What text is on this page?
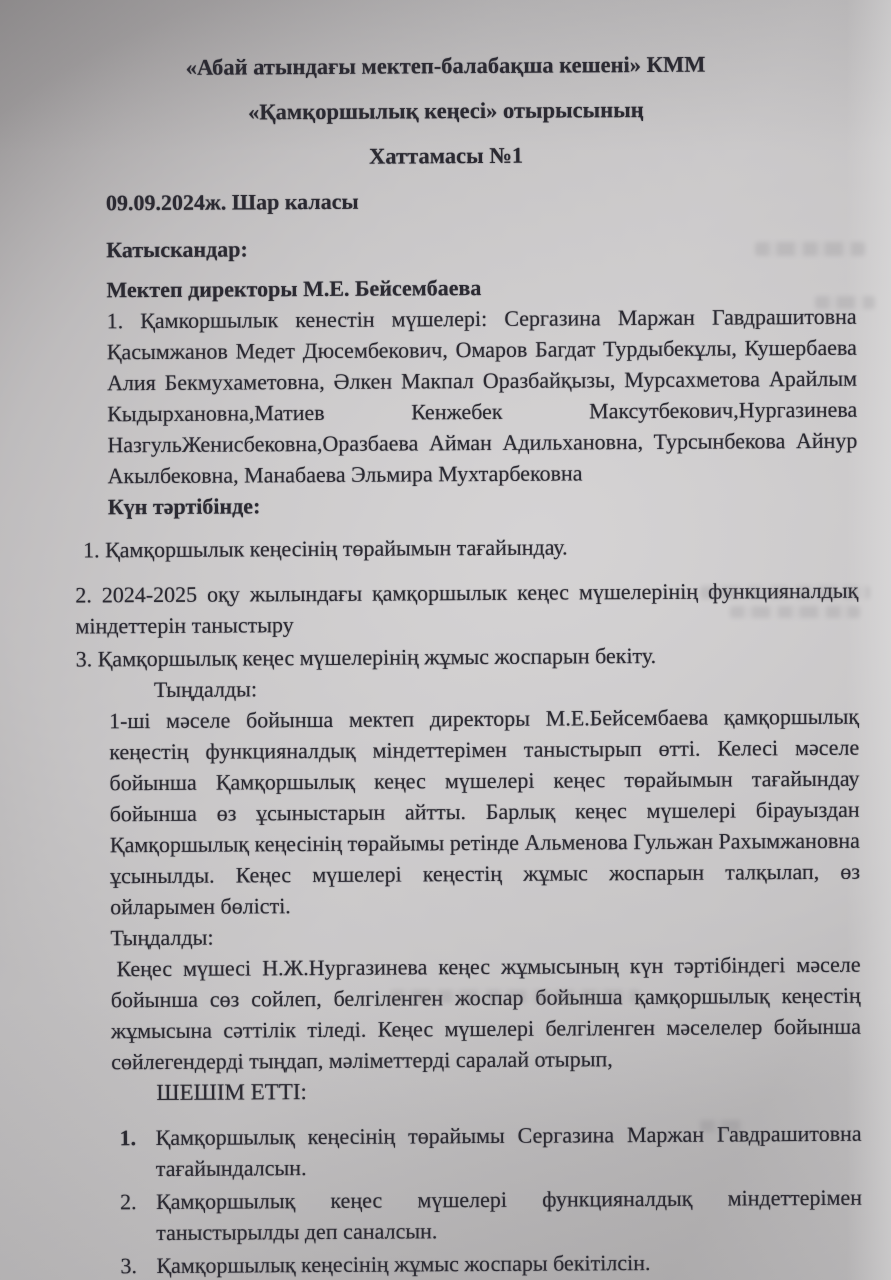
«Абай атындағы мектеп-балабақша кешені» КММ

«Қамқоршылық кеңесі» отырысының

Хаттамасы №1

09.09.2024ж. Шар каласы

Катыскандар:

Мектеп директоры М.Е. Бейсембаева

1. Қамкоршылык кенестін мүшелері: Сергазина Маржан Гавдрашитовна Қасымжанов Медет Дюсембекович, Омаров Багдат Турдыбекұлы, Кушербаева Алия Бекмухаметовна, Әлкен Макпал Оразбайқызы, Мурсахметова Арайлым Кыдырхановна,Матиев Кенжебек Максутбекович,Нургазинева НазгульЖенисбековна,Оразбаева Айман Адильхановна, Турсынбекова Айнур Акылбековна, Манабаева Эльмира Мухтарбековна

Күн тәртібінде:

1. Қамқоршылык кеңесінің төрайымын тағайындау.

2. 2024-2025 оқу жылындағы қамқоршылык кеңес мүшелерінің функцияналдық міндеттерін таныстыру

3. Қамқоршылық кеңес мүшелерінің жұмыс жоспарын бекіту.

Тыңдалды:

1-ші мәселе бойынша мектеп директоры М.Е.Бейсембаева қамқоршылық кеңестің функцияналдық міндеттерімен таныстырып өтті. Келесі мәселе бойынша Қамқоршылық кеңес мүшелері кеңес төрайымын тағайындау бойынша өз ұсыныстарын айтты. Барлық кеңес мүшелері бірауыздан Қамқоршылық кеңесінің төрайымы ретінде Альменова Гульжан Рахымжановна ұсынылды. Кеңес мүшелері кеңестің жұмыс жоспарын талқылап, өз ойларымен бөлісті.

Тыңдалды:

Кеңес мүшесі Н.Ж.Нургазинева кеңес жұмысының күн тәртібіндегі мәселе бойынша сөз сойлеп, белгіленген жоспар бойынша қамқоршылық кеңестің жұмысына сәттілік тіледі. Кеңес мүшелері белгіленген мәселелер бойынша сөйлегендерді тыңдап, мәліметтерді саралай отырып,

ШЕШІМ ЕТТІ:

1. Қамқоршылық кеңесінің төрайымы Сергазина Маржан Гавдрашитовна тағайындалсын.
2. Қамқоршылық кеңес мүшелері функцияналдық міндеттерімен таныстырылды деп саналсын.
3. Қамқоршылық кеңесінің жұмыс жоспары бекітілсін.
